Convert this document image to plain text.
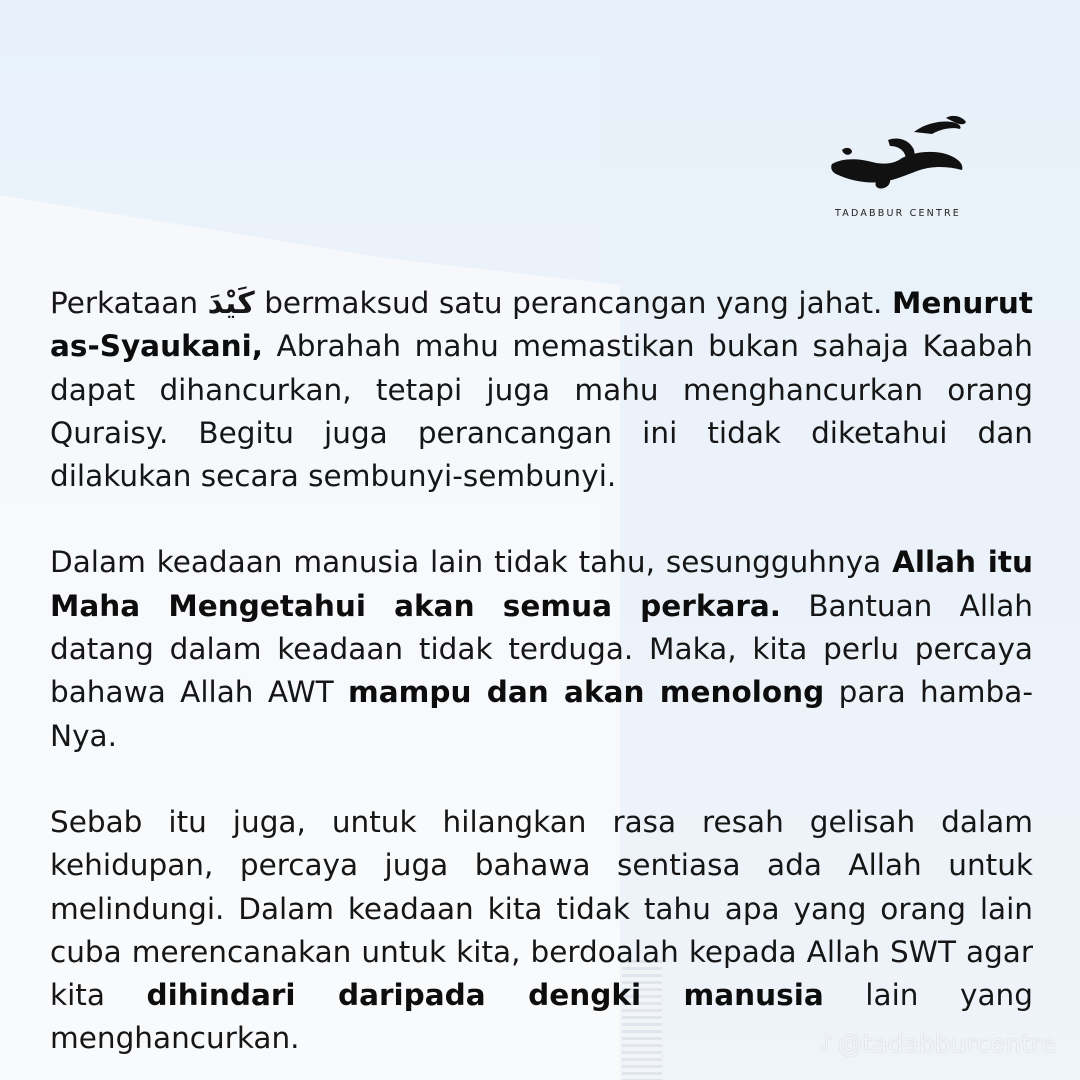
TADABBUR CENTRE

Perkataan كَيْدَ bermaksud satu perancangan yang jahat. Menurut as-Syaukani, Abrahah mahu memastikan bukan sahaja Kaabah dapat dihancurkan, tetapi juga mahu menghancurkan orang Quraisy. Begitu juga perancangan ini tidak diketahui dan dilakukan secara sembunyi-sembunyi.

Dalam keadaan manusia lain tidak tahu, sesungguhnya Allah itu Maha Mengetahui akan semua perkara. Bantuan Allah datang dalam keadaan tidak terduga. Maka, kita perlu percaya bahawa Allah AWT mampu dan akan menolong para hamba-Nya.

Sebab itu juga, untuk hilangkan rasa resah gelisah dalam kehidupan, percaya juga bahawa sentiasa ada Allah untuk melindungi. Dalam keadaan kita tidak tahu apa yang orang lain cuba merencanakan untuk kita, berdoalah kepada Allah SWT agar kita dihindari daripada dengki manusia lain yang menghancurkan.	♪ @tadabburcentre
